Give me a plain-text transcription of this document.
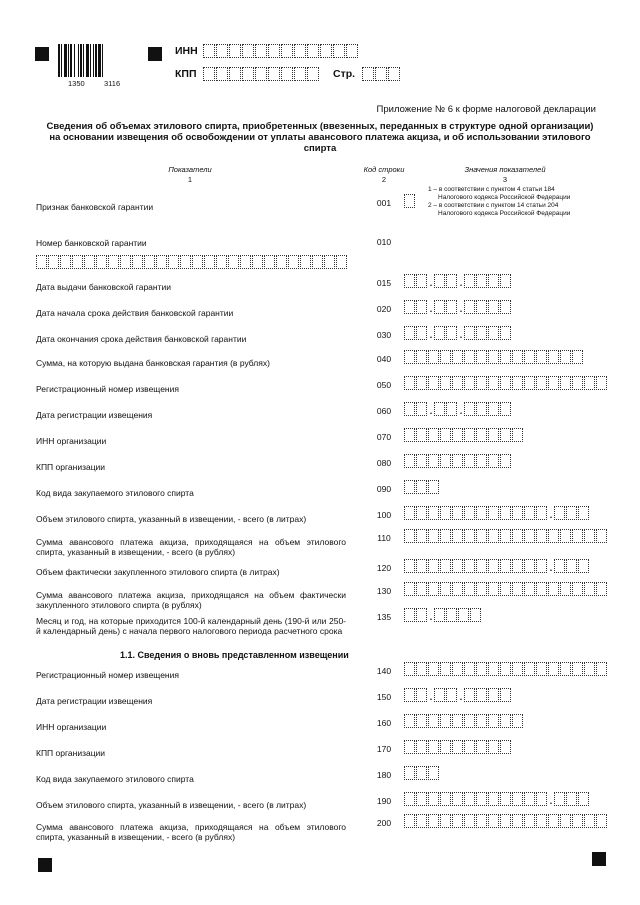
1350	3116
ИНН
КПП	Стр.
Приложение № 6 к форме налоговой декларации
Сведения об объемах этилового спирта, приобретенных (ввезенных, переданных в структуре одной организации)
на основании извещения об освобождении от уплаты авансового платежа акциза, и об использовании этилового
спирта
Показатели
1
Код строки
2
Значения показателей
3
Признак банковской гарантии	001
1 – в соответствии с пунктом 4 статьи 184
Налогового кодекса Российской Федерации
2 – в соответствии с пунктом 14 статьи 204
Налогового кодекса Российской Федерации
Номер банковской гарантии	010
Дата выдачи банковской гарантии	015	.	.
Дата начала срока действия банковской гарантии	020	.	.
Дата окончания срока действия банковской гарантии	030	.	.
Сумма, на которую выдана банковская гарантия (в рублях)	040
Регистрационный номер извещения	050
Дата регистрации извещения	060	.	.
ИНН организации	070
КПП организации	080
Код вида закупаемого этилового спирта	090
Объем этилового спирта, указанный в извещении, - всего (в литрах)	100	.
Сумма авансового платежа акциза, приходящаяся на объем этилового спирта, указанный в извещении, - всего (в рублях)
110
Объем фактически закупленного этилового спирта (в литрах)	120	.
Сумма авансового платежа акциза, приходящаяся на объем фактически закупленного этилового спирта (в рублях)
130
Месяц и год, на которые приходится 100-й календарный день (190-й или 250-й календарный день) с начала первого налогового периода расчетного срока
135	.
Регистрационный номер извещения	140
Дата регистрации извещения	150	.	.
ИНН организации	160
КПП организации	170
Код вида закупаемого этилового спирта	180
Объем этилового спирта, указанный в извещении, - всего (в литрах)	190	.
Сумма авансового платежа акциза, приходящаяся на объем этилового спирта, указанный в извещении, - всего (в рублях)
200
1.1. Сведения о вновь представленном извещении
